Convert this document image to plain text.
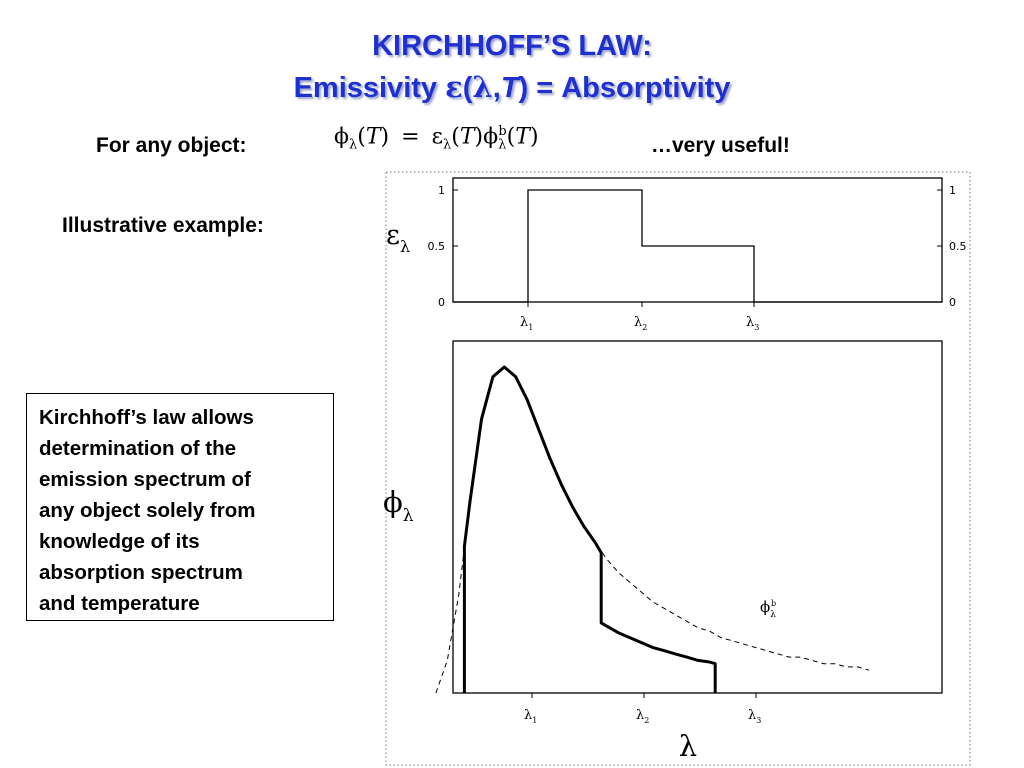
KIRCHHOFF’S LAW:
Emissivity ε(λ,T) = Absorptivity
For any object:	$\phi_\lambda(T) = \varepsilon_\lambda(T)\phi_\lambda^b(T)$	…very useful!
Illustrative example:
Kirchhoff’s law allows
determination of the
emission spectrum of
any object solely from
knowledge of its
absorption spectrum
and temperature
0	0
0.5	0.5
1	1
$\lambda_1$	$\lambda_2$	$\lambda_3$
$\varepsilon_\lambda$
$\lambda_1$	$\lambda_2$	$\lambda_3$
$\phi_\lambda b$
$\phi_\lambda$
λ
